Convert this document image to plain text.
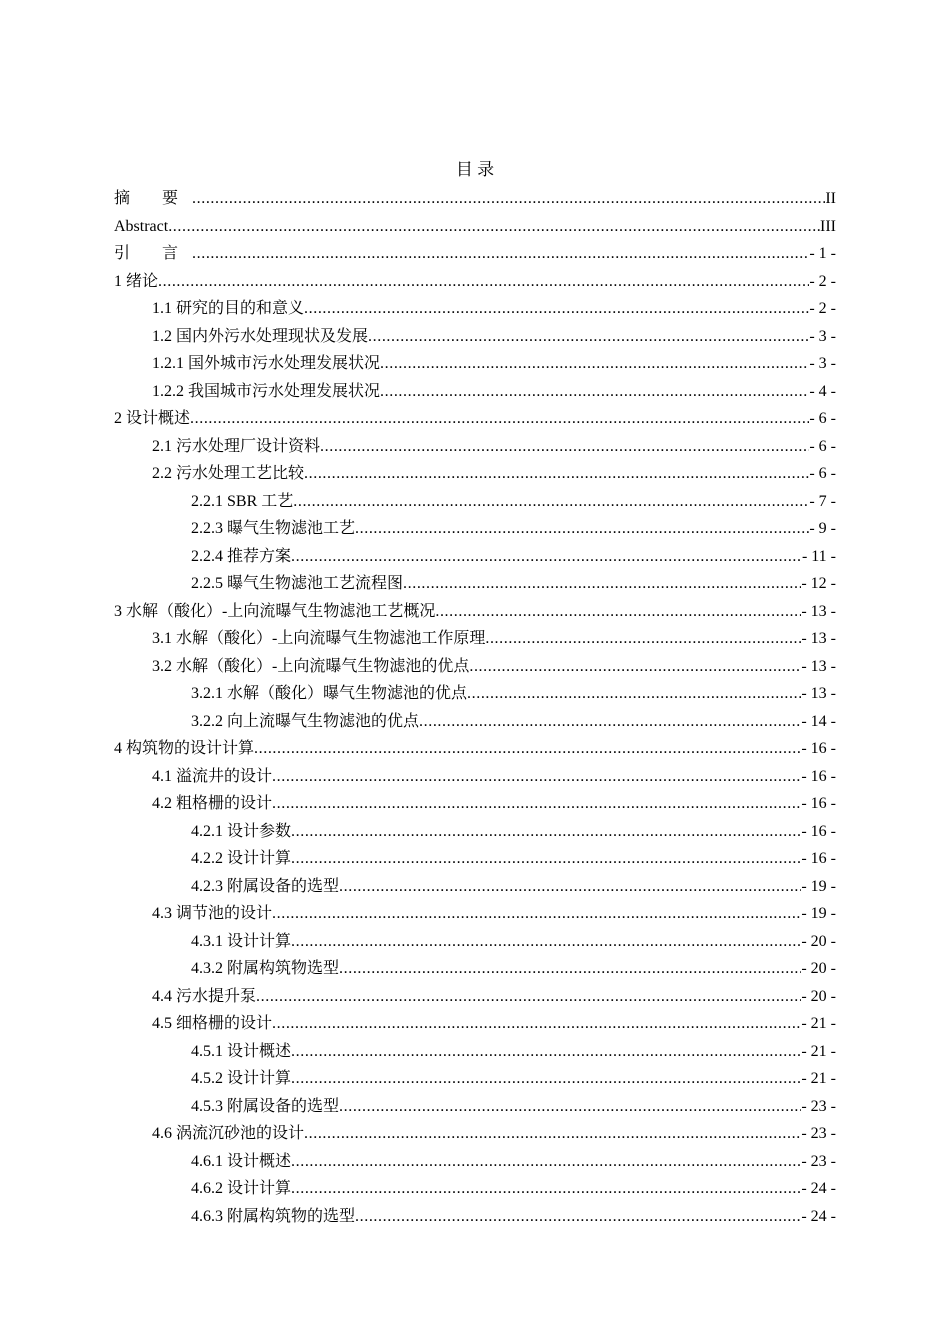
目 录
摘 要 .....	II
Abstract .....	III
引 言 .....	- 1 -
1 绪论 .....	- 2 -
1.1 研究的目的和意义 .....	- 2 -
1.2 国内外污水处理现状及发展 .....	- 3 -
1.2.1 国外城市污水处理发展状况 .....	- 3 -
1.2.2 我国城市污水处理发展状况 .....	- 4 -
2 设计概述 .....	- 6 -
2.1 污水处理厂设计资料 .....	- 6 -
2.2 污水处理工艺比较 .....	- 6 -
2.2.1 SBR 工艺 .....	- 7 -
2.2.3 曝气生物滤池工艺 .....	- 9 -
2.2.4 推荐方案 .....	- 11 -
2.2.5 曝气生物滤池工艺流程图 .....	- 12 -
3 水解（酸化）-上向流曝气生物滤池工艺概况 .....	- 13 -
3.1 水解（酸化）-上向流曝气生物滤池工作原理 .....	- 13 -
3.2 水解（酸化）-上向流曝气生物滤池的优点 .....	- 13 -
3.2.1 水解（酸化）曝气生物滤池的优点 .....	- 13 -
3.2.2 向上流曝气生物滤池的优点 .....	- 14 -
4 构筑物的设计计算 .....	- 16 -
4.1 溢流井的设计 .....	- 16 -
4.2 粗格栅的设计 .....	- 16 -
4.2.1 设计参数 .....	- 16 -
4.2.2 设计计算 .....	- 16 -
4.2.3 附属设备的选型 .....	- 19 -
4.3 调节池的设计 .....	- 19 -
4.3.1 设计计算 .....	- 20 -
4.3.2 附属构筑物选型 .....	- 20 -
4.4 污水提升泵 .....	- 20 -
4.5 细格栅的设计 .....	- 21 -
4.5.1 设计概述 .....	- 21 -
4.5.2 设计计算 .....	- 21 -
4.5.3 附属设备的选型 .....	- 23 -
4.6 涡流沉砂池的设计 .....	- 23 -
4.6.1 设计概述 .....	- 23 -
4.6.2 设计计算 .....	- 24 -
4.6.3 附属构筑物的选型 .....	- 24 -
